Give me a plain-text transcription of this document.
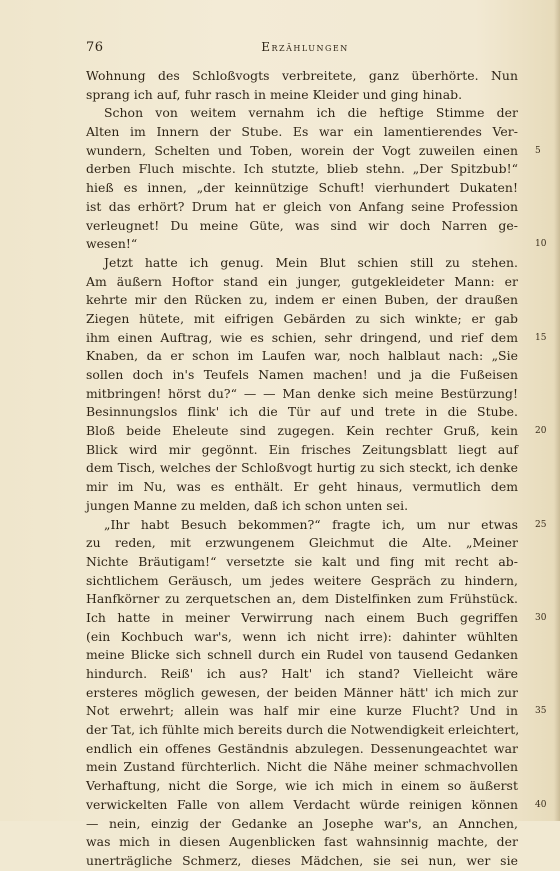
76	Erzählungen
Wohnung des Schloßvogts verbreitete, ganz überhörte. Nun
sprang ich auf, fuhr rasch in meine Kleider und ging hinab.
Schon von weitem vernahm ich die heftige Stimme der
Alten im Innern der Stube. Es war ein lamentierendes Ver-
wundern, Schelten und Toben, worein der Vogt zuweilen einen 5
derben Fluch mischte. Ich stutzte, blieb stehn. „Der Spitzbub!“
hieß es innen, „der keinnützige Schuft! vierhundert Dukaten!
ist das erhört? Drum hat er gleich von Anfang seine Profession
verleugnet! Du meine Güte, was sind wir doch Narren ge-
wesen!“	10
Jetzt hatte ich genug. Mein Blut schien still zu stehen.
Am äußern Hoftor stand ein junger, gutgekleideter Mann: er
kehrte mir den Rücken zu, indem er einen Buben, der draußen
Ziegen hütete, mit eifrigen Gebärden zu sich winkte; er gab
ihm einen Auftrag, wie es schien, sehr dringend, und rief dem 15
Knaben, da er schon im Laufen war, noch halblaut nach: „Sie
sollen doch in's Teufels Namen machen! und ja die Fußeisen
mitbringen! hörst du?“ — — Man denke sich meine Bestürzung!
Besinnungslos flink' ich die Tür auf und trete in die Stube.
Bloß beide Eheleute sind zugegen. Kein rechter Gruß, kein 20
Blick wird mir gegönnt. Ein frisches Zeitungsblatt liegt auf
dem Tisch, welches der Schloßvogt hurtig zu sich steckt, ich denke
mir im Nu, was es enthält. Er geht hinaus, vermutlich dem
jungen Manne zu melden, daß ich schon unten sei.
„Ihr habt Besuch bekommen?“ fragte ich, um nur etwas 25
zu reden, mit erzwungenem Gleichmut die Alte. „Meiner
Nichte Bräutigam!“ versetzte sie kalt und fing mit recht ab-
sichtlichem Geräusch, um jedes weitere Gespräch zu hindern,
Hanfkörner zu zerquetschen an, dem Distelfinken zum Frühstück.
Ich hatte in meiner Verwirrung nach einem Buch gegriffen 30
(ein Kochbuch war's, wenn ich nicht irre): dahinter wühlten
meine Blicke sich schnell durch ein Rudel von tausend Gedanken
hindurch. Reiß' ich aus? Halt' ich stand? Vielleicht wäre
ersteres möglich gewesen, der beiden Männer hätt' ich mich zur
Not erwehrt; allein was half mir eine kurze Flucht? Und in 35
der Tat, ich fühlte mich bereits durch die Notwendigkeit erleichtert,
endlich ein offenes Geständnis abzulegen. Dessenungeachtet war
mein Zustand fürchterlich. Nicht die Nähe meiner schmachvollen
Verhaftung, nicht die Sorge, wie ich mich in einem so äußerst
verwickelten Falle von allem Verdacht würde reinigen können 40
— nein, einzig der Gedanke an Josephe war's, an Annchen,
was mich in diesen Augenblicken fast wahnsinnig machte, der
unerträgliche Schmerz, dieses Mädchen, sie sei nun, wer sie
